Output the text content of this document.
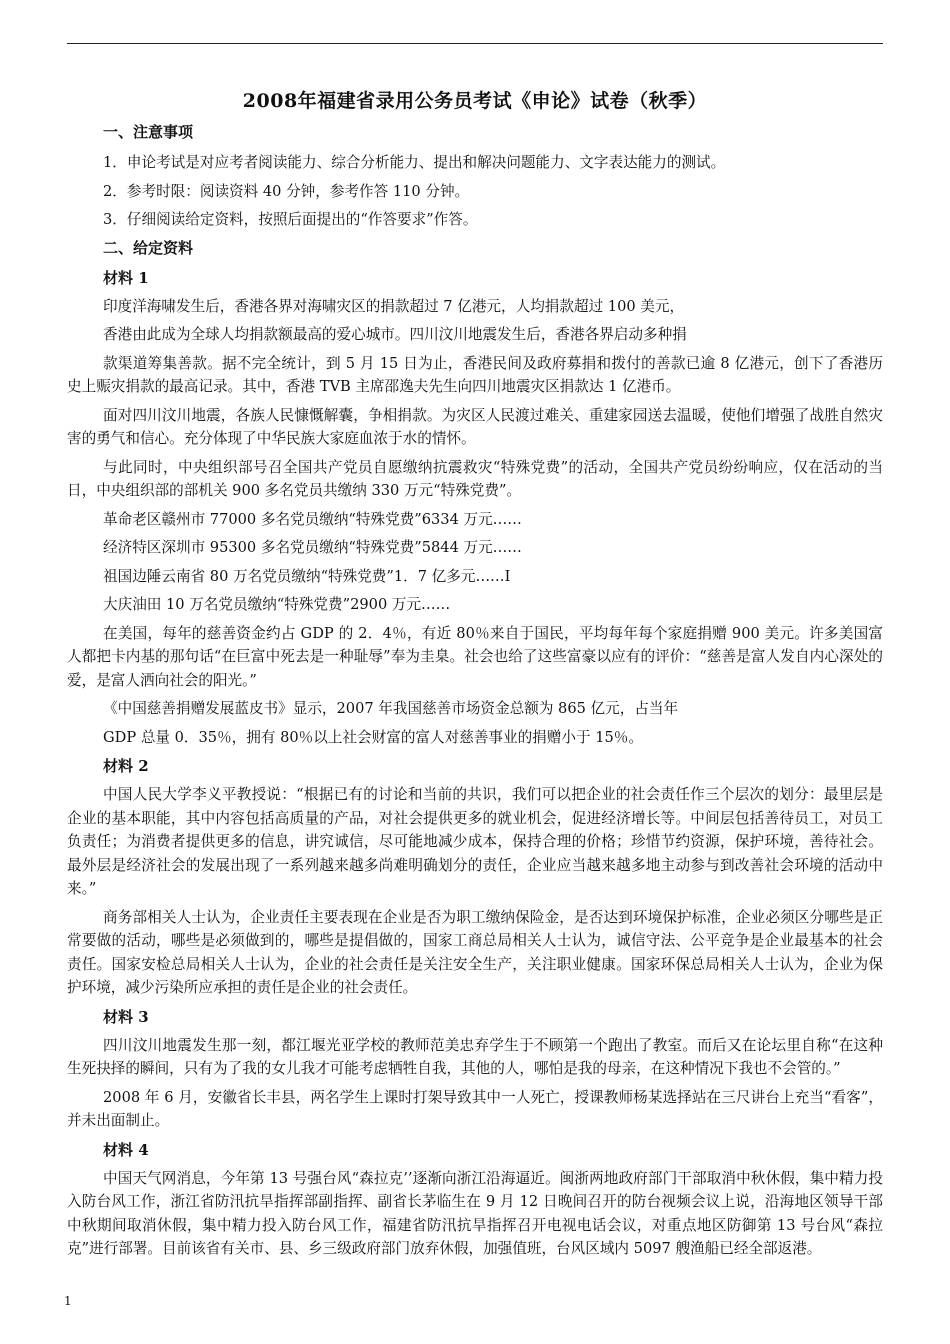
2008年福建省录用公务员考试《申论》试卷（秋季）
一、注意事项

1．申论考试是对应考者阅读能力、综合分析能力、提出和解决问题能力、文字表达能力的测试。

2．参考时限：阅读资料 40 分钟，参考作答 110 分钟。

3．仔细阅读给定资料，按照后面提出的“作答要求”作答。

二、给定资料
材料 1

印度洋海啸发生后，香港各界对海啸灾区的捐款超过 7 亿港元，人均捐款超过 100 美元，

香港由此成为全球人均捐款额最高的爱心城市。四川汶川地震发生后，香港各界启动多种捐

款渠道筹集善款。据不完全统计，到 5 月 15 日为止，香港民间及政府募捐和拨付的善款已逾 8 亿港元，创下了香港历史上赈灾捐款的最高记录。其中，香港 TVB 主席邵逸夫先生向四川地震灾区捐款达 1 亿港币。

面对四川汶川地震，各族人民慷慨解囊，争相捐款。为灾区人民渡过难关、重建家园送去温暖，使他们增强了战胜自然灾害的勇气和信心。充分体现了中华民族大家庭血浓于水的情怀。

与此同时，中央组织部号召全国共产党员自愿缴纳抗震救灾“特殊党费”的活动，全国共产党员纷纷响应，仅在活动的当日，中央组织部的部机关 900 多名党员共缴纳 330 万元“特殊党费”。

革命老区赣州市 77000 多名党员缴纳“特殊党费”6334 万元……

经济特区深圳市 95300 多名党员缴纳“特殊党费”5844 万元……

祖国边陲云南省 80 万名党员缴纳“特殊党费”1．7 亿多元……I

大庆油田 10 万名党员缴纳“特殊党费”2900 万元……

在美国，每年的慈善资金约占 GDP 的 2．4％，有近 80％来自于国民，平均每年每个家庭捐赠 900 美元。许多美国富人都把卡内基的那句话“在巨富中死去是一种耻辱”奉为圭臬。社会也给了这些富豪以应有的评价：“慈善是富人发自内心深处的爱，是富人洒向社会的阳光。”

《中国慈善捐赠发展蓝皮书》显示，2007 年我国慈善市场资金总额为 865 亿元，占当年

GDP 总量 0．35％，拥有 80％以上社会财富的富人对慈善事业的捐赠小于 15％。

材料 2

中国人民大学李义平教授说：“根据已有的讨论和当前的共识，我们可以把企业的社会责任作三个层次的划分：最里层是企业的基本职能，其中内容包括高质量的产品，对社会提供更多的就业机会，促进经济增长等。中间层包括善待员工，对员工负责任；为消费者提供更多的信息，讲究诚信，尽可能地减少成本，保持合理的价格；珍惜节约资源，保护环境，善待社会。最外层是经济社会的发展出现了一系列越来越多尚难明确划分的责任，企业应当越来越多地主动参与到改善社会环境的活动中来。”

商务部相关人士认为，企业责任主要表现在企业是否为职工缴纳保险金，是否达到环境保护标准，企业必须区分哪些是正常要做的活动，哪些是必须做到的，哪些是提倡做的，国家工商总局相关人士认为，诚信守法、公平竞争是企业最基本的社会责任。国家安检总局相关人士认为，企业的社会责任是关注安全生产，关注职业健康。国家环保总局相关人士认为，企业为保护环境，减少污染所应承担的责任是企业的社会责任。

材料 3

四川汶川地震发生那一刻，都江堰光亚学校的教师范美忠弃学生于不顾第一个跑出了教室。而后又在论坛里自称“在这种生死抉择的瞬间，只有为了我的女儿我才可能考虑牺牲自我，其他的人，哪怕是我的母亲，在这种情况下我也不会管的。”

2008 年 6 月，安徽省长丰县，两名学生上课时打架导致其中一人死亡，授课教师杨某选择站在三尺讲台上充当“看客”，并未出面制止。

材料 4

中国天气网消息，今年第 13 号强台风“森拉克’’逐渐向浙江沿海逼近。闽浙两地政府部门干部取消中秋休假，集中精力投入防台风工作，浙江省防汛抗旱指挥部副指挥、副省长茅临生在 9 月 12 日晚间召开的防台视频会议上说，沿海地区领导干部中秋期间取消休假，集中精力投入防台风工作，福建省防汛抗旱指挥召开电视电话会议，对重点地区防御第 13 号台风“森拉克”进行部署。目前该省有关市、县、乡三级政府部门放弃休假，加强值班，台风区域内 5097 艘渔船已经全部返港。

1
